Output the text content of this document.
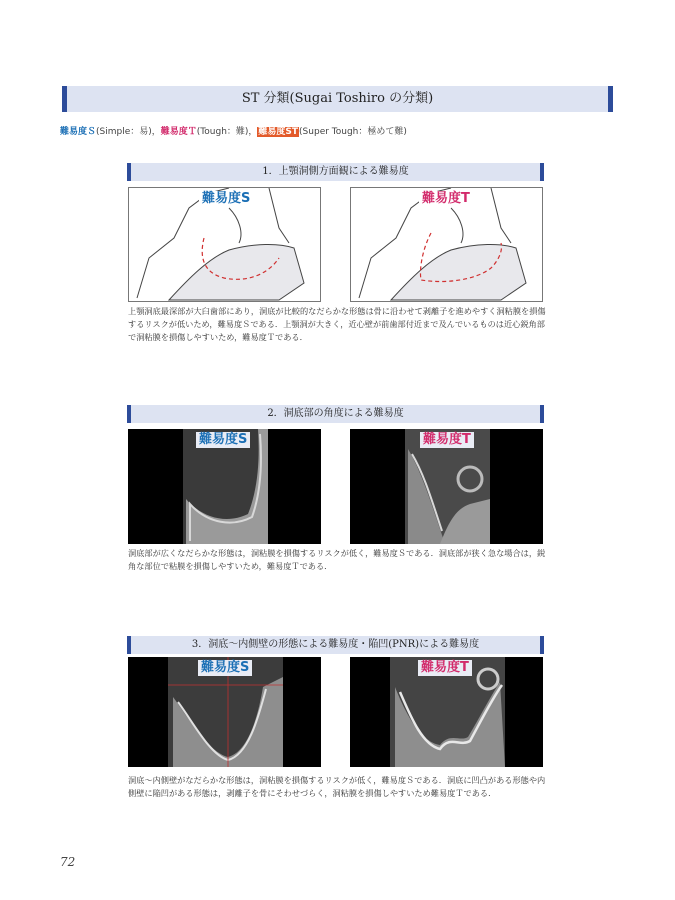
ST 分類(Sugai Toshiro の分類)
難易度Ｓ(Simple：易)，難易度Ｔ(Tough：難)，難易度ST(Super Tough：極めて難)
1．上顎洞側方面観による難易度
難易度S	難易度T
上顎洞底最深部が大臼歯部にあり，洞底が比較的なだらかな形態は骨に沿わせて剥離子を進めやすく洞粘膜を損傷するリスクが低いため，難易度Ｓである．上顎洞が大きく，近心壁が前歯部付近まで及んでいるものは近心鋭角部で洞粘膜を損傷しやすいため，難易度Ｔである．
2．洞底部の角度による難易度
難易度S	難易度T
洞底部が広くなだらかな形態は，洞粘膜を損傷するリスクが低く，難易度Ｓである．洞底部が狭く急な場合は，鋭角な部位で粘膜を損傷しやすいため，難易度Ｔである．
3．洞底〜内側壁の形態による難易度・陥凹(PNR)による難易度
難易度S	難易度T
洞底〜内側壁がなだらかな形態は，洞粘膜を損傷するリスクが低く，難易度Ｓである．洞底に凹凸がある形態や内側壁に陥凹がある形態は，剥離子を骨にそわせづらく，洞粘膜を損傷しやすいため難易度Ｔである．
72
